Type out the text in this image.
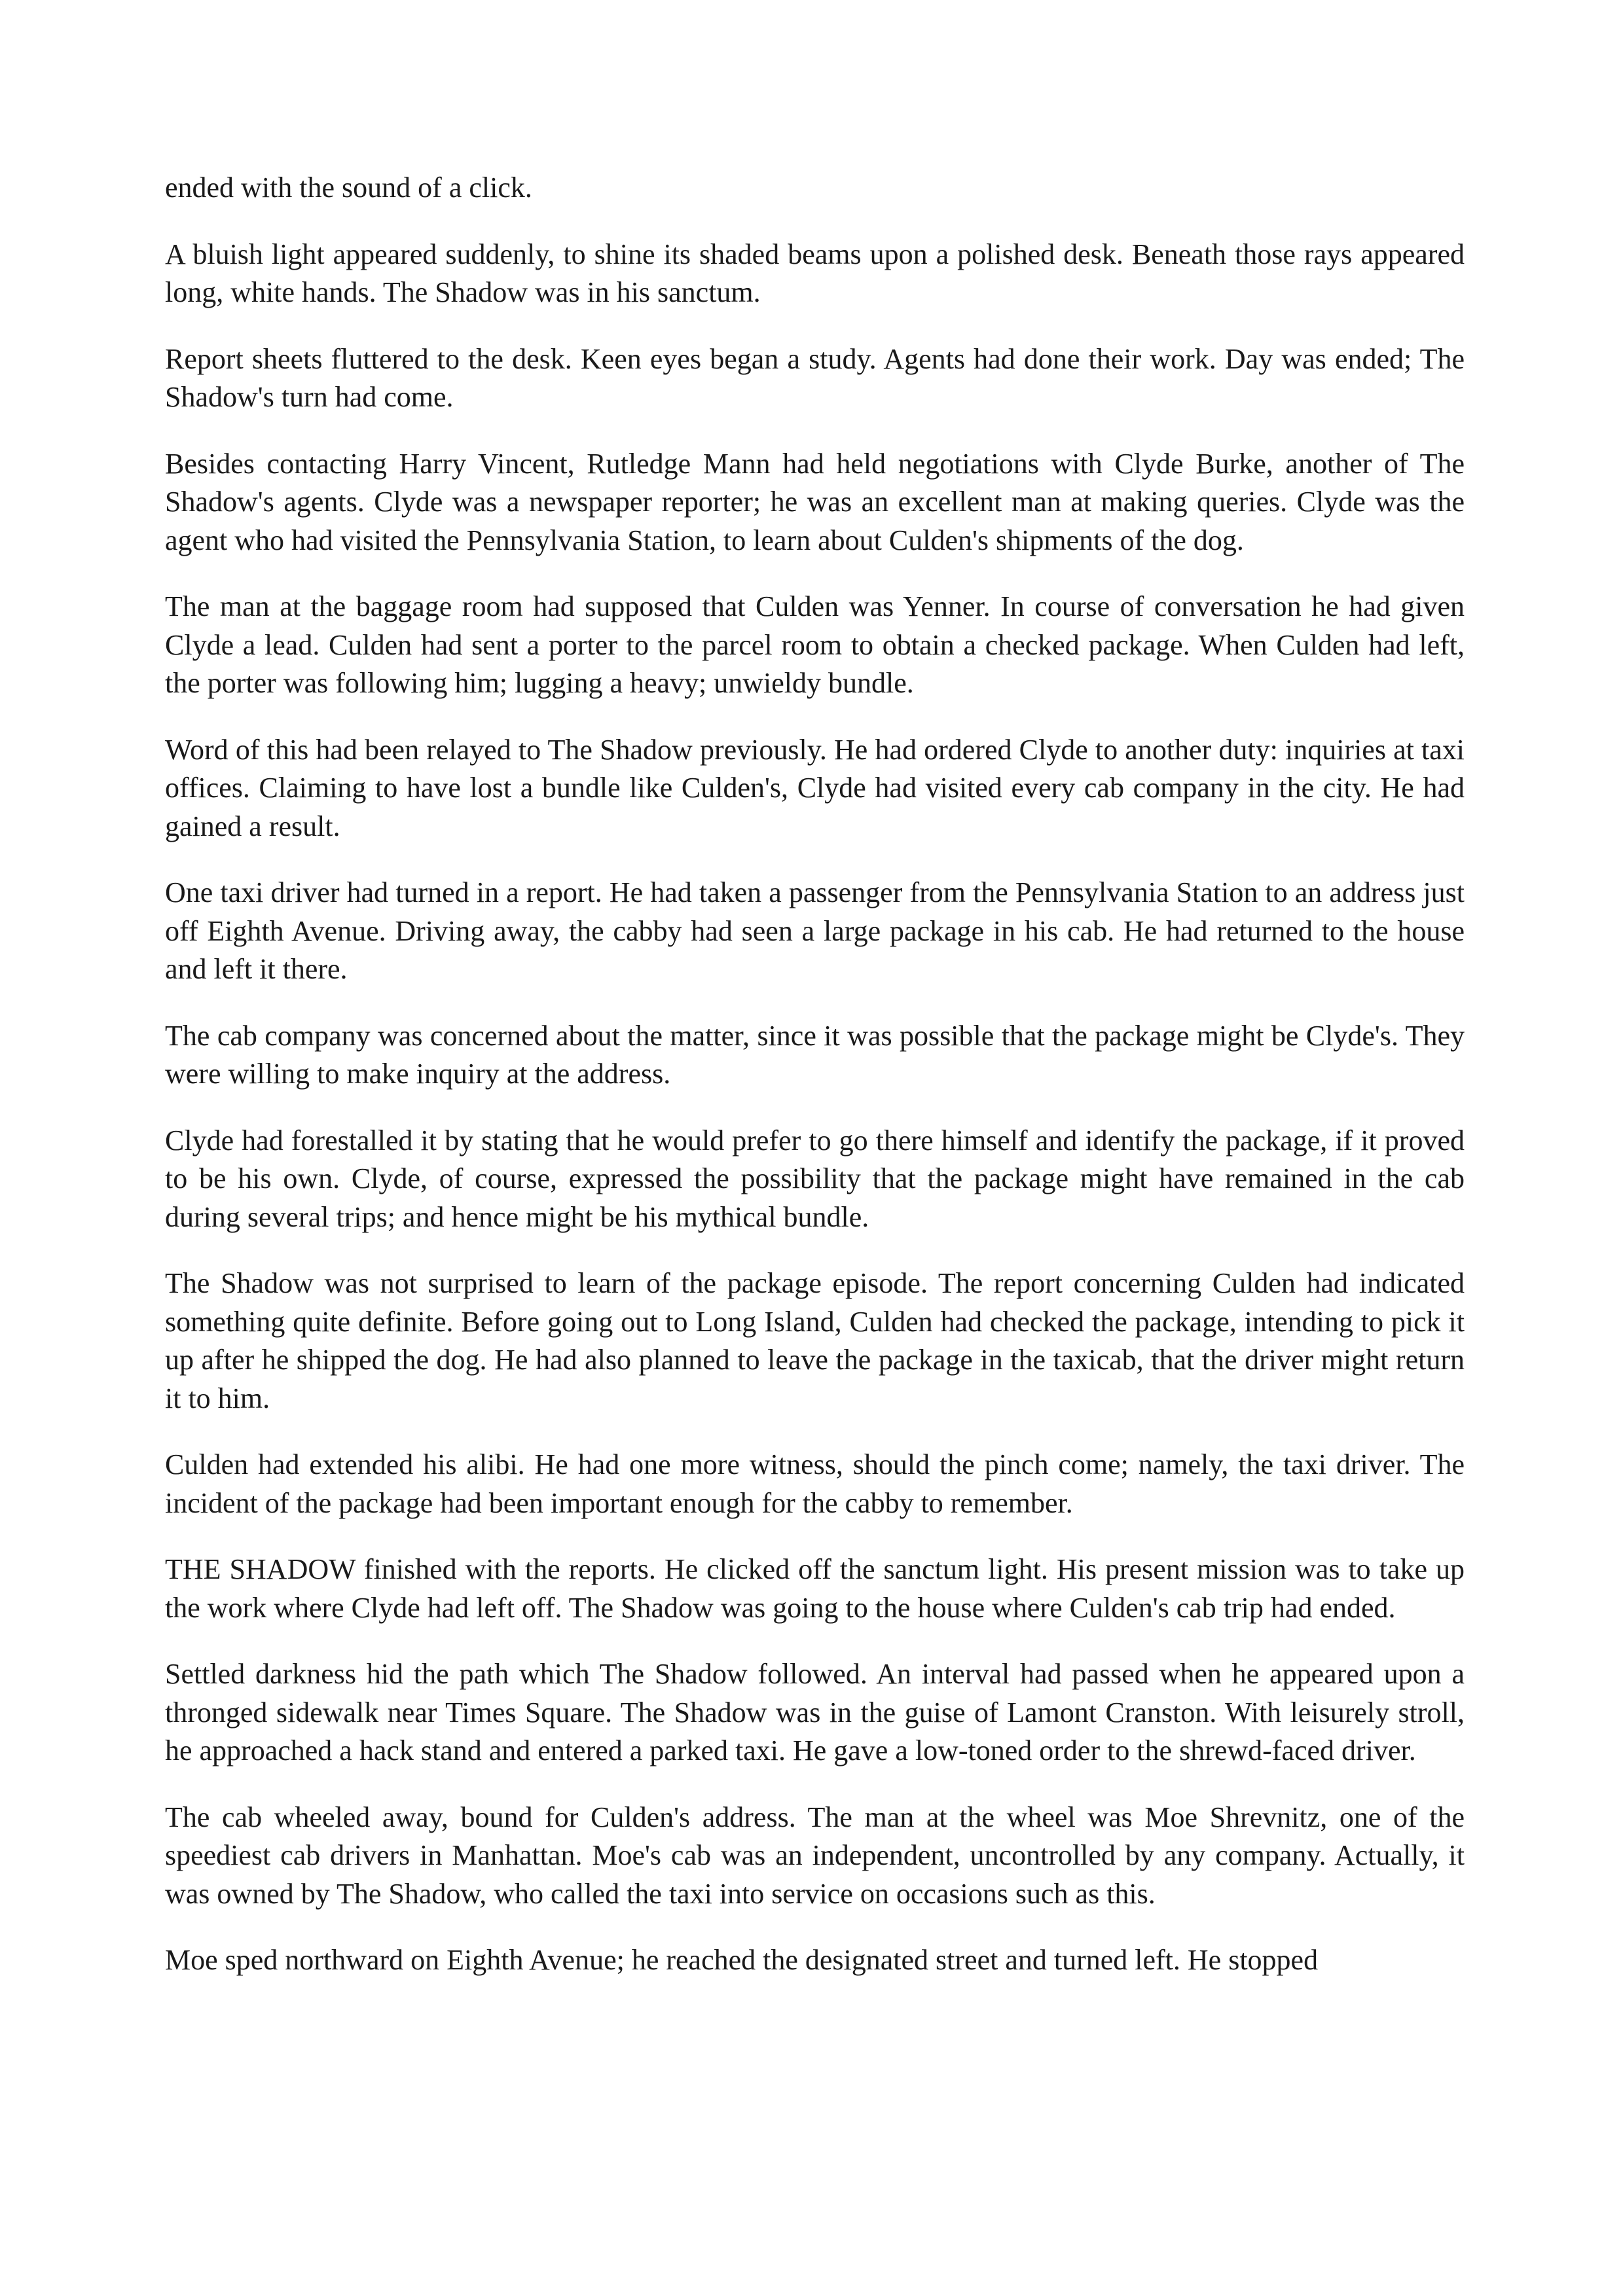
ended with the sound of a click.

A bluish light appeared suddenly, to shine its shaded beams upon a polished desk. Beneath those rays appeared long, white hands. The Shadow was in his sanctum.

Report sheets fluttered to the desk. Keen eyes began a study. Agents had done their work. Day was ended; The Shadow's turn had come.

Besides contacting Harry Vincent, Rutledge Mann had held negotiations with Clyde Burke, another of The Shadow's agents. Clyde was a newspaper reporter; he was an excellent man at making queries. Clyde was the agent who had visited the Pennsylvania Station, to learn about Culden's shipments of the dog.

The man at the baggage room had supposed that Culden was Yenner. In course of conversation he had given Clyde a lead. Culden had sent a porter to the parcel room to obtain a checked package. When Culden had left, the porter was following him; lugging a heavy; unwieldy bundle.

Word of this had been relayed to The Shadow previously. He had ordered Clyde to another duty: inquiries at taxi offices. Claiming to have lost a bundle like Culden's, Clyde had visited every cab company in the city. He had gained a result.

One taxi driver had turned in a report. He had taken a passenger from the Pennsylvania Station to an address just off Eighth Avenue. Driving away, the cabby had seen a large package in his cab. He had returned to the house and left it there.

The cab company was concerned about the matter, since it was possible that the package might be Clyde's. They were willing to make inquiry at the address.

Clyde had forestalled it by stating that he would prefer to go there himself and identify the package, if it proved to be his own. Clyde, of course, expressed the possibility that the package might have remained in the cab during several trips; and hence might be his mythical bundle.

The Shadow was not surprised to learn of the package episode. The report concerning Culden had indicated something quite definite. Before going out to Long Island, Culden had checked the package, intending to pick it up after he shipped the dog. He had also planned to leave the package in the taxicab, that the driver might return it to him.

Culden had extended his alibi. He had one more witness, should the pinch come; namely, the taxi driver. The incident of the package had been important enough for the cabby to remember.

THE SHADOW finished with the reports. He clicked off the sanctum light. His present mission was to take up the work where Clyde had left off. The Shadow was going to the house where Culden's cab trip had ended.

Settled darkness hid the path which The Shadow followed. An interval had passed when he appeared upon a thronged sidewalk near Times Square. The Shadow was in the guise of Lamont Cranston. With leisurely stroll, he approached a hack stand and entered a parked taxi. He gave a low-toned order to the shrewd-faced driver.

The cab wheeled away, bound for Culden's address. The man at the wheel was Moe Shrevnitz, one of the speediest cab drivers in Manhattan. Moe's cab was an independent, uncontrolled by any company. Actually, it was owned by The Shadow, who called the taxi into service on occasions such as this.

Moe sped northward on Eighth Avenue; he reached the designated street and turned left. He stopped
